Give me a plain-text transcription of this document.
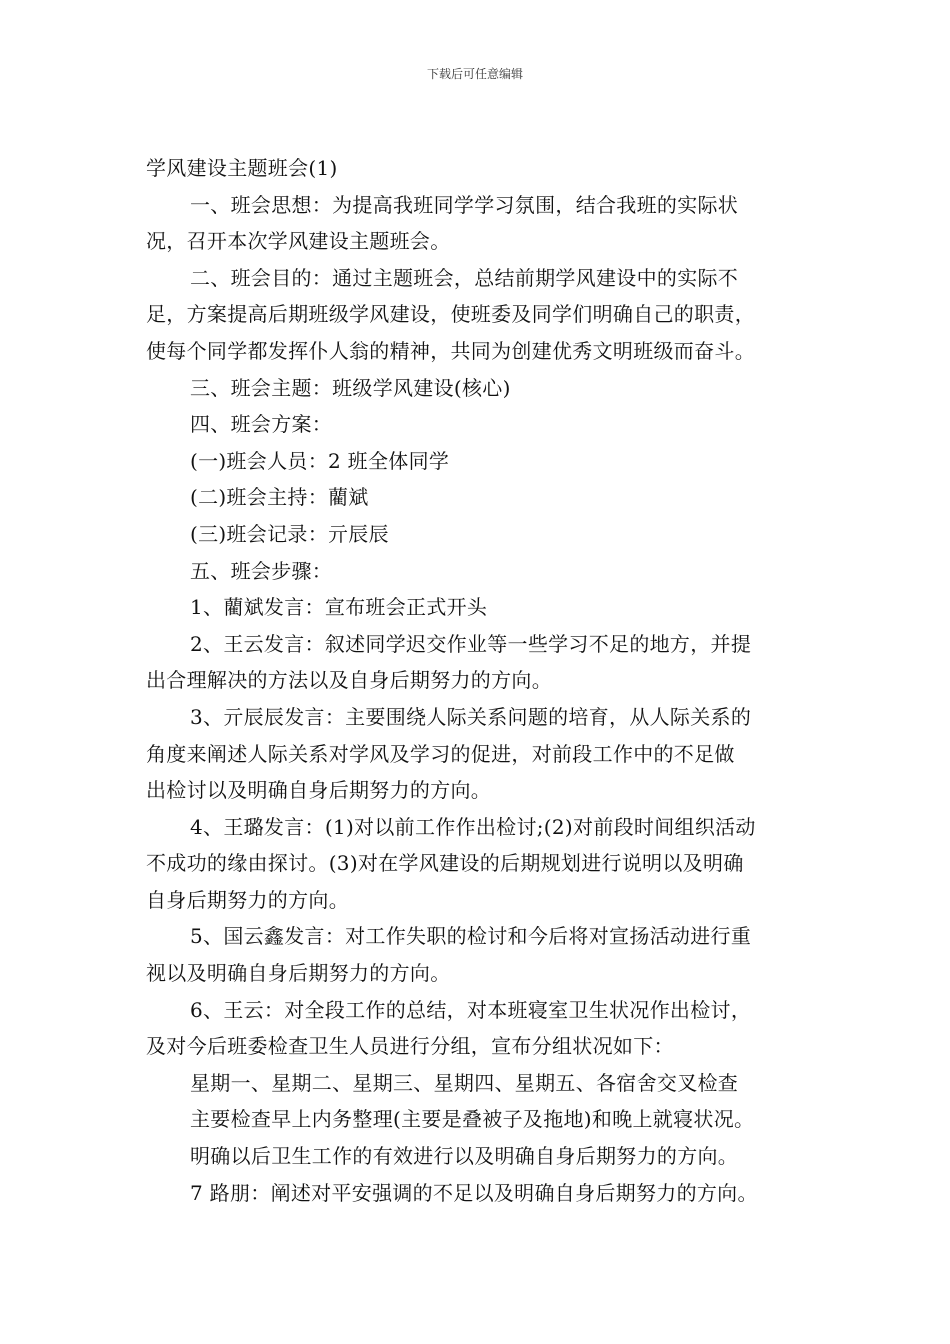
下载后可任意编辑
学风建设主题班会(1)
一、班会思想：为提高我班同学学习氛围，结合我班的实际状
况，召开本次学风建设主题班会。
二、班会目的：通过主题班会，总结前期学风建设中的实际不
足，方案提高后期班级学风建设，使班委及同学们明确自己的职责，
使每个同学都发挥仆人翁的精神，共同为创建优秀文明班级而奋斗。
三、班会主题：班级学风建设(核心)
四、班会方案：
(一)班会人员：2 班全体同学
(二)班会主持：藺斌
(三)班会记录：亓辰辰
五、班会步骤：
1、藺斌发言：宣布班会正式开头
2、王云发言：叙述同学迟交作业等一些学习不足的地方，并提
出合理解决的方法以及自身后期努力的方向。
3、亓辰辰发言：主要围绕人际关系问题的培育，从人际关系的
角度来阐述人际关系对学风及学习的促进，对前段工作中的不足做
出检讨以及明确自身后期努力的方向。
4、王璐发言：(1)对以前工作作出检讨;(2)对前段时间组织活动
不成功的缘由探讨。(3)对在学风建设的后期规划进行说明以及明确
自身后期努力的方向。
5、国云鑫发言：对工作失职的检讨和今后将对宣扬活动进行重
视以及明确自身后期努力的方向。
6、王云：对全段工作的总结，对本班寝室卫生状况作出检讨，
及对今后班委检查卫生人员进行分组，宣布分组状况如下：
星期一、星期二、星期三、星期四、星期五、各宿舍交叉检查
主要检查早上内务整理(主要是叠被子及拖地)和晚上就寝状况。
明确以后卫生工作的有效进行以及明确自身后期努力的方向。
7 路朋：阐述对平安强调的不足以及明确自身后期努力的方向。
